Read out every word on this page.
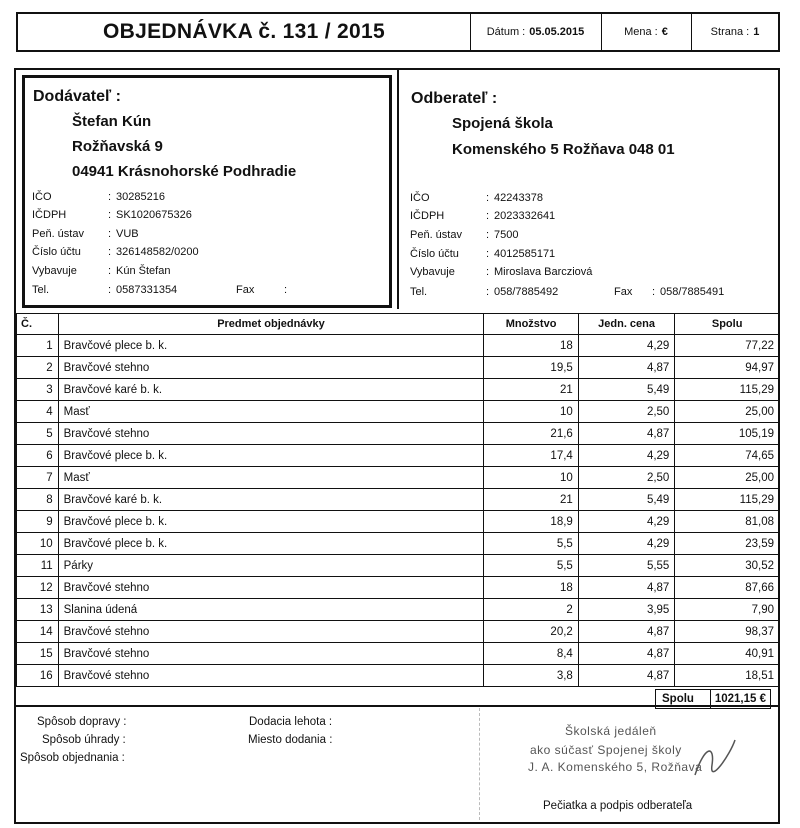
OBJEDNÁVKA č. 131 / 2015	Dátum : 05.05.2015	Mena : €	Strana : 1
Dodávateľ :
Štefan Kún
Rožňavská 9
04941 Krásnohorské Podhradie
IČO	: 30285216
IČDPH	: SK1020675326
Peň. ústav	: VUB
Číslo účtu	: 326148582/0200
Vybavuje	: Kún Štefan
Tel.	: 0587331354	Fax	:
Odberateľ :
Spojená škola
Komenského 5 Rožňava 048 01
IČO	: 42243378
IČDPH	: 2023332641
Peň. ústav	: 7500
Číslo účtu	: 4012585171
Vybavuje	: Miroslava Barcziová
Tel.	: 058/7885492	Fax	: 058/7885491
Č.	Predmet objednávky	Množstvo	Jedn. cena	Spolu
1	Bravčové plece b. k.	18	4,29	77,22
2	Bravčové stehno	19,5	4,87	94,97
3	Bravčové karé b. k.	21	5,49	115,29
4	Masť	10	2,50	25,00
5	Bravčové stehno	21,6	4,87	105,19
6	Bravčové plece b. k.	17,4	4,29	74,65
7	Masť	10	2,50	25,00
8	Bravčové karé b. k.	21	5,49	115,29
9	Bravčové plece b. k.	18,9	4,29	81,08
10	Bravčové plece b. k.	5,5	4,29	23,59
11	Párky	5,5	5,55	30,52
12	Bravčové stehno	18	4,87	87,66
13	Slanina údená	2	3,95	7,90
14	Bravčové stehno	20,2	4,87	98,37
15	Bravčové stehno	8,4	4,87	40,91
16	Bravčové stehno	3,8	4,87	18,51
Spolu	1021,15 €
Spôsob dopravy :
Spôsob úhrady :
Spôsob objednania :
Dodacia lehota :
Miesto dodania :
Školská jedáleň
ako súčasť Spojenej školy
J. A. Komenského 5, Rožňava
Pečiatka a podpis odberateľa
